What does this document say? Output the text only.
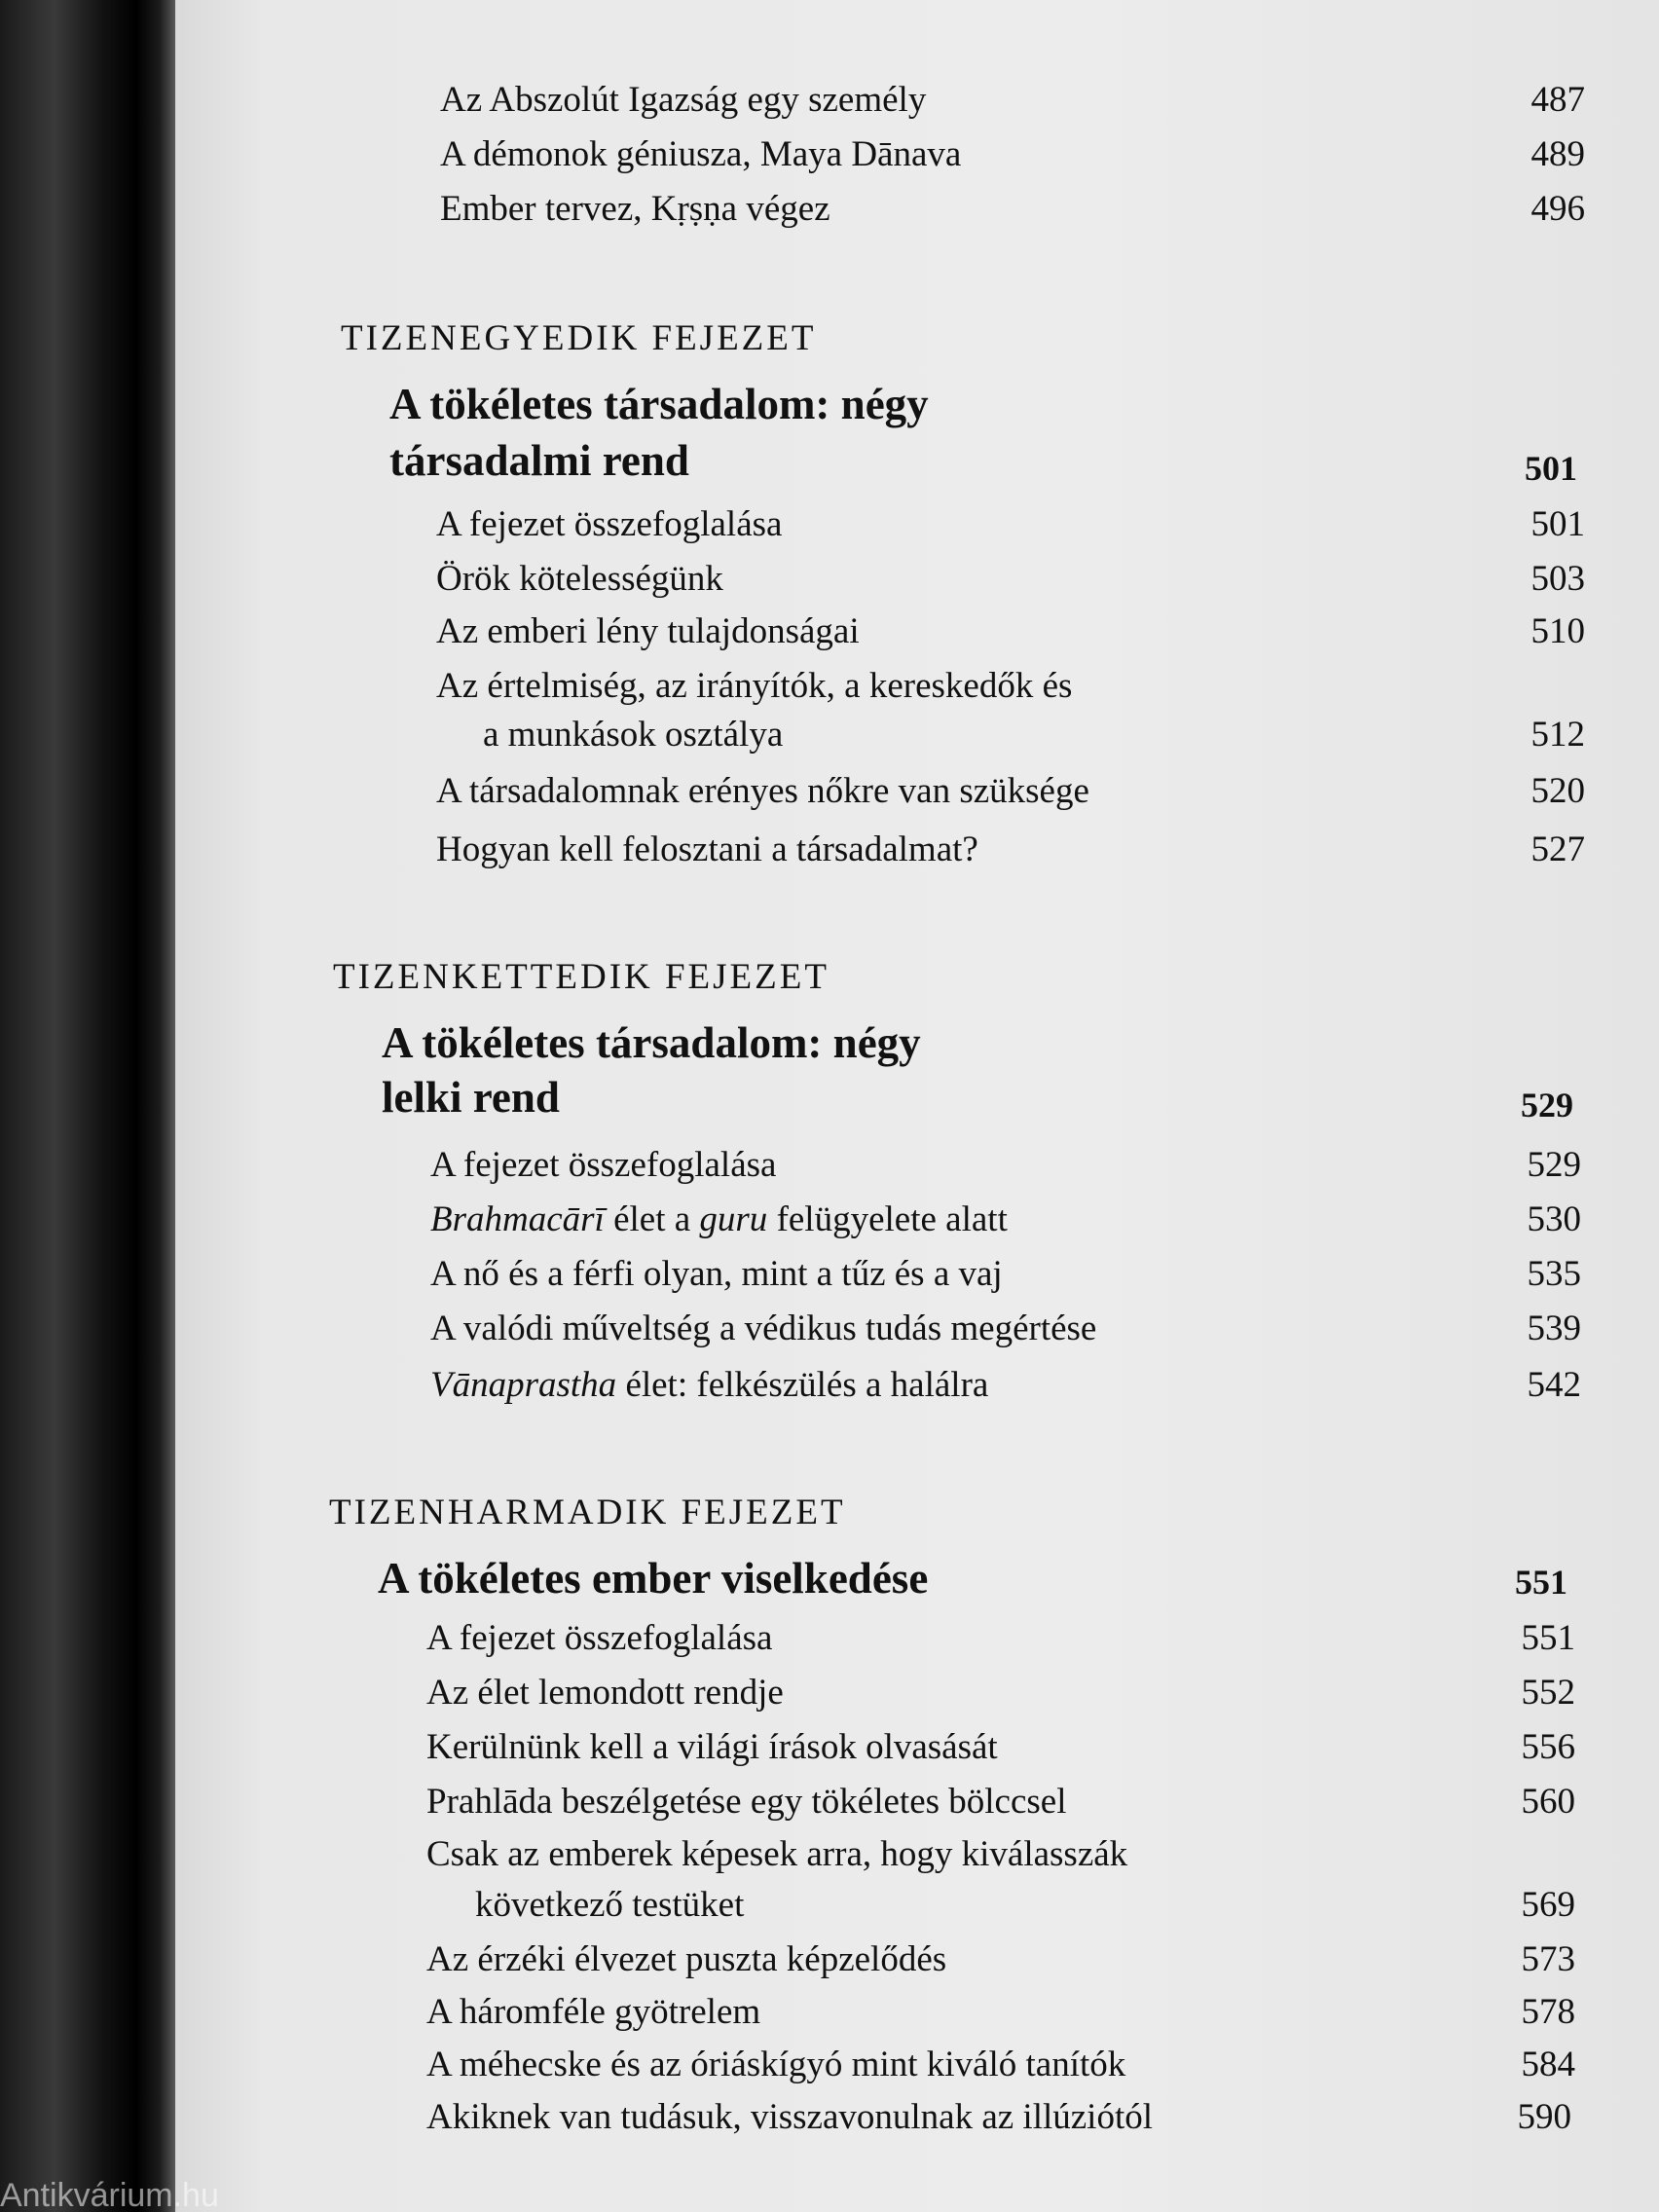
Az Abszolút Igazság egy személy	487
A démonok géniusza, Maya Dānava	489
Ember tervez, Kṛṣṇa végez	496
TIZENEGYEDIK FEJEZET
A tökéletes társadalom: négy
társadalmi rend	501
A fejezet összefoglalása	501
Örök kötelességünk	503
Az emberi lény tulajdonságai	510
Az értelmiség, az irányítók, a kereskedők és
a munkások osztálya	512
A társadalomnak erényes nőkre van szüksége	520
Hogyan kell felosztani a társadalmat?	527
TIZENKETTEDIK FEJEZET
A tökéletes társadalom: négy
lelki rend	529
A fejezet összefoglalása	529
Brahmacārī élet a guru felügyelete alatt	530
A nő és a férfi olyan, mint a tűz és a vaj	535
A valódi műveltség a védikus tudás megértése	539
Vānaprastha élet: felkészülés a halálra	542
TIZENHARMADIK FEJEZET
A tökéletes ember viselkedése	551
A fejezet összefoglalása	551
Az élet lemondott rendje	552
Kerülnünk kell a világi írások olvasását	556
Prahlāda beszélgetése egy tökéletes bölccsel	560
Csak az emberek képesek arra, hogy kiválasszák
következő testüket	569
Az érzéki élvezet puszta képzelődés	573
A háromféle gyötrelem	578
A méhecske és az óriáskígyó mint kiváló tanítók	584
Akiknek van tudásuk, visszavonulnak az illúziótól	590
Antikvárium.hu
